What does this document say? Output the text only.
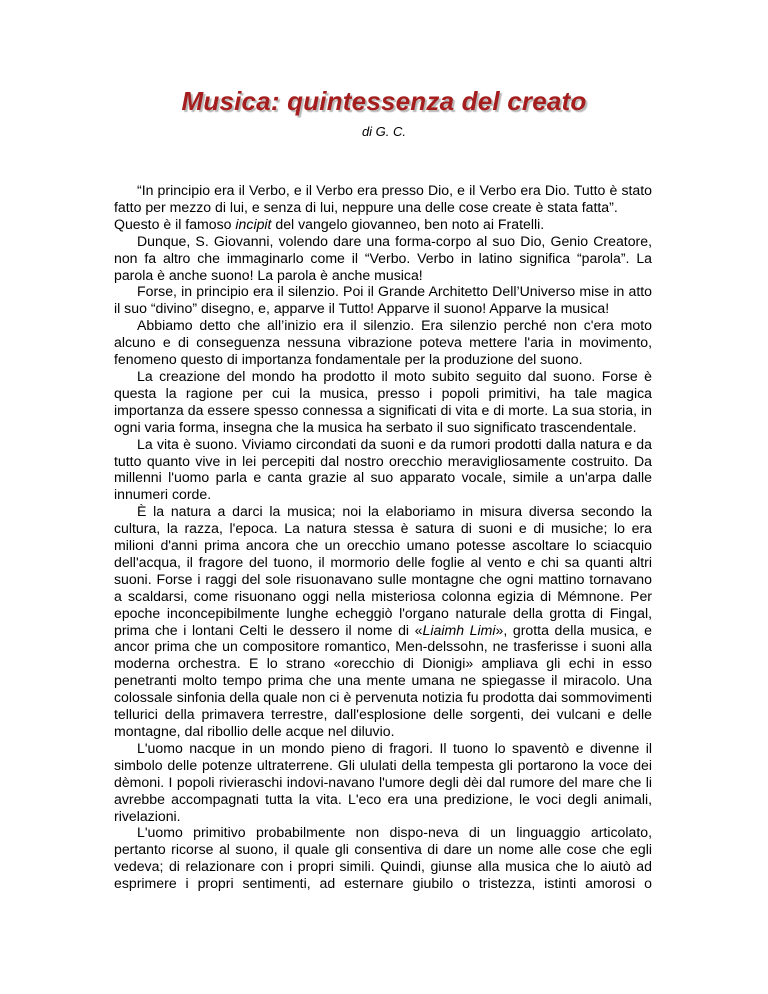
Musica: quintessenza del creato
di G. C.

“In principio era il Verbo, e il Verbo era presso Dio, e il Verbo era Dio. Tutto è stato fatto per mezzo di lui, e senza di lui, neppure una delle cose create è stata fatta”.

Questo è il famoso incipit del vangelo giovanneo, ben noto ai Fratelli.

Dunque, S. Giovanni, volendo dare una forma-corpo al suo Dio, Genio Creatore, non fa altro che immaginarlo come il “Verbo. Verbo in latino significa “parola”. La parola è anche suono! La parola è anche musica!

Forse, in principio era il silenzio. Poi il Grande Architetto Dell’Universo mise in atto il suo “divino” disegno, e, apparve il Tutto! Apparve il suono! Apparve la musica!

Abbiamo detto che all’inizio era il silenzio. Era silenzio perché non c'era moto alcuno e di conseguenza nessuna vibrazione poteva mettere l'aria in movimento, fenomeno questo di importanza fondamentale per la produzione del suono.

La creazione del mondo ha prodotto il moto subito seguito dal suono. Forse è questa la ragione per cui la musica, presso i popoli primitivi, ha tale magica importanza da essere spesso connessa a significati di vita e di morte. La sua storia, in ogni varia forma, insegna che la musica ha serbato il suo significato trascendentale.

La vita è suono. Viviamo circondati da suoni e da rumori prodotti dalla natura e da tutto quanto vive in lei percepiti dal nostro orecchio meravigliosamente costruito. Da millenni l'uomo parla e canta grazie al suo apparato vocale, simile a un'arpa dalle innumeri corde.

È la natura a darci la musica; noi la elaboriamo in misura diversa secondo la cultura, la razza, l'epoca. La natura stessa è satura di suoni e di musiche; lo era milioni d'anni prima ancora che un orecchio umano potesse ascoltare lo sciacquio dell'acqua, il fragore del tuono, il mormorio delle foglie al vento e chi sa quanti altri suoni. Forse i raggi del sole risuonavano sulle montagne che ogni mattino tornavano a scaldarsi, come risuonano oggi nella misteriosa colonna egizia di Mémnone. Per epoche inconcepibilmente lunghe echeggiò l'organo naturale della grotta di Fingal, prima che i lontani Celti le dessero il nome di «Liaimh Limi», grotta della musica, e ancor prima che un compositore romantico, Men-delssohn, ne trasferisse i suoni alla moderna orchestra. E lo strano «orecchio di Dionigi» ampliava gli echi in esso penetranti molto tempo prima che una mente umana ne spiegasse il miracolo. Una colossale sinfonia della quale non ci è pervenuta notizia fu prodotta dai sommovimenti tellurici della primavera terrestre, dall'esplosione delle sorgenti, dei vulcani e delle montagne, dal ribollio delle acque nel diluvio.

L'uomo nacque in un mondo pieno di fragori. Il tuono lo spaventò e divenne il simbolo delle potenze ultraterrene. Gli ululati della tempesta gli portarono la voce dei dèmoni. I popoli rivieraschi indovi-navano l'umore degli dèi dal rumore del mare che li avrebbe accompagnati tutta la vita. L'eco era una predizione, le voci degli animali, rivelazioni.

L'uomo primitivo probabilmente non dispo-neva di un linguaggio articolato, pertanto ricorse al suono, il quale gli consentiva di dare un nome alle cose che egli vedeva; di relazionare con i propri simili. Quindi, giunse alla musica che lo aiutò ad esprimere i propri sentimenti, ad esternare giubilo o tristezza, istinti amorosi o
